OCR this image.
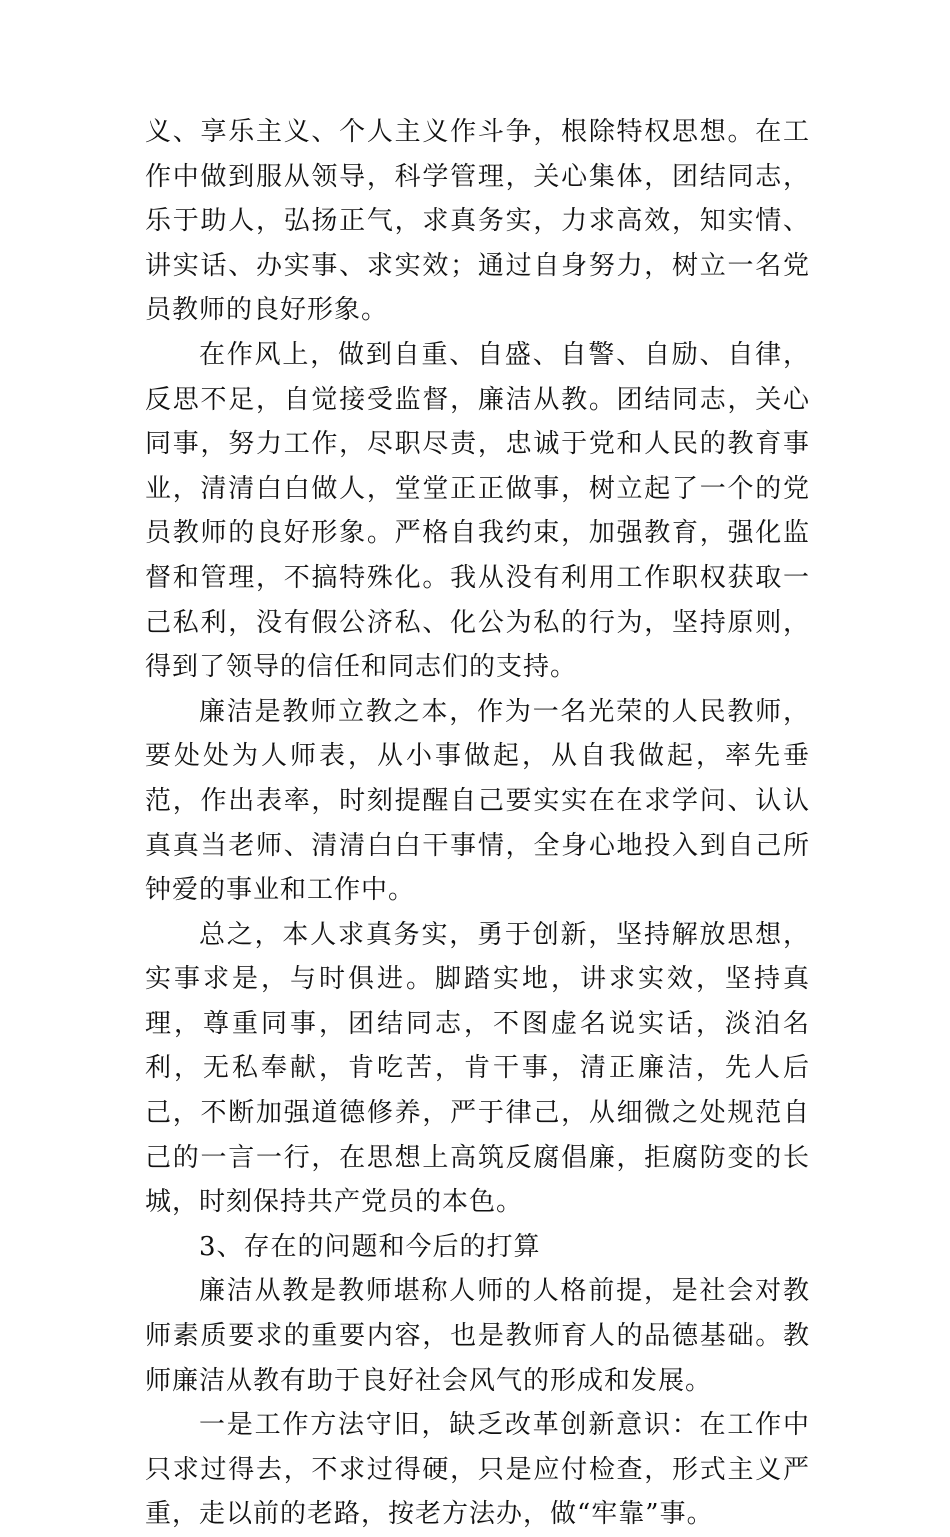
义、享乐主义、个人主义作斗争，根除特权思想。在工作中做到服从领导，科学管理，关心集体，团结同志，乐于助人，弘扬正气，求真务实，力求高效，知实情、讲实话、办实事、求实效；通过自身努力，树立一名党员教师的良好形象。

在作风上，做到自重、自盛、自警、自励、自律，反思不足，自觉接受监督，廉洁从教。团结同志，关心同事，努力工作，尽职尽责，忠诚于党和人民的教育事业，清清白白做人，堂堂正正做事，树立起了一个的党员教师的良好形象。严格自我约束，加强教育，强化监督和管理，不搞特殊化。我从没有利用工作职权获取一己私利，没有假公济私、化公为私的行为，坚持原则，得到了领导的信任和同志们的支持。

廉洁是教师立教之本，作为一名光荣的人民教师，要处处为人师表，从小事做起，从自我做起，率先垂范，作出表率，时刻提醒自己要实实在在求学问、认认真真当老师、清清白白干事情，全身心地投入到自己所钟爱的事业和工作中。

总之，本人求真务实，勇于创新，坚持解放思想，实事求是，与时俱进。脚踏实地，讲求实效，坚持真理，尊重同事，团结同志，不图虚名说实话，淡泊名利，无私奉献，肯吃苦，肯干事，清正廉洁，先人后己，不断加强道德修养，严于律己，从细微之处规范自己的一言一行，在思想上高筑反腐倡廉，拒腐防变的长城，时刻保持共产党员的本色。

3、存在的问题和今后的打算

廉洁从教是教师堪称人师的人格前提，是社会对教师素质要求的重要内容，也是教师育人的品德基础。教师廉洁从教有助于良好社会风气的形成和发展。

一是工作方法守旧，缺乏改革创新意识：在工作中只求过得去，不求过得硬，只是应付检查，形式主义严重，走以前的老路，按老方法办，做“牢靠”事。
